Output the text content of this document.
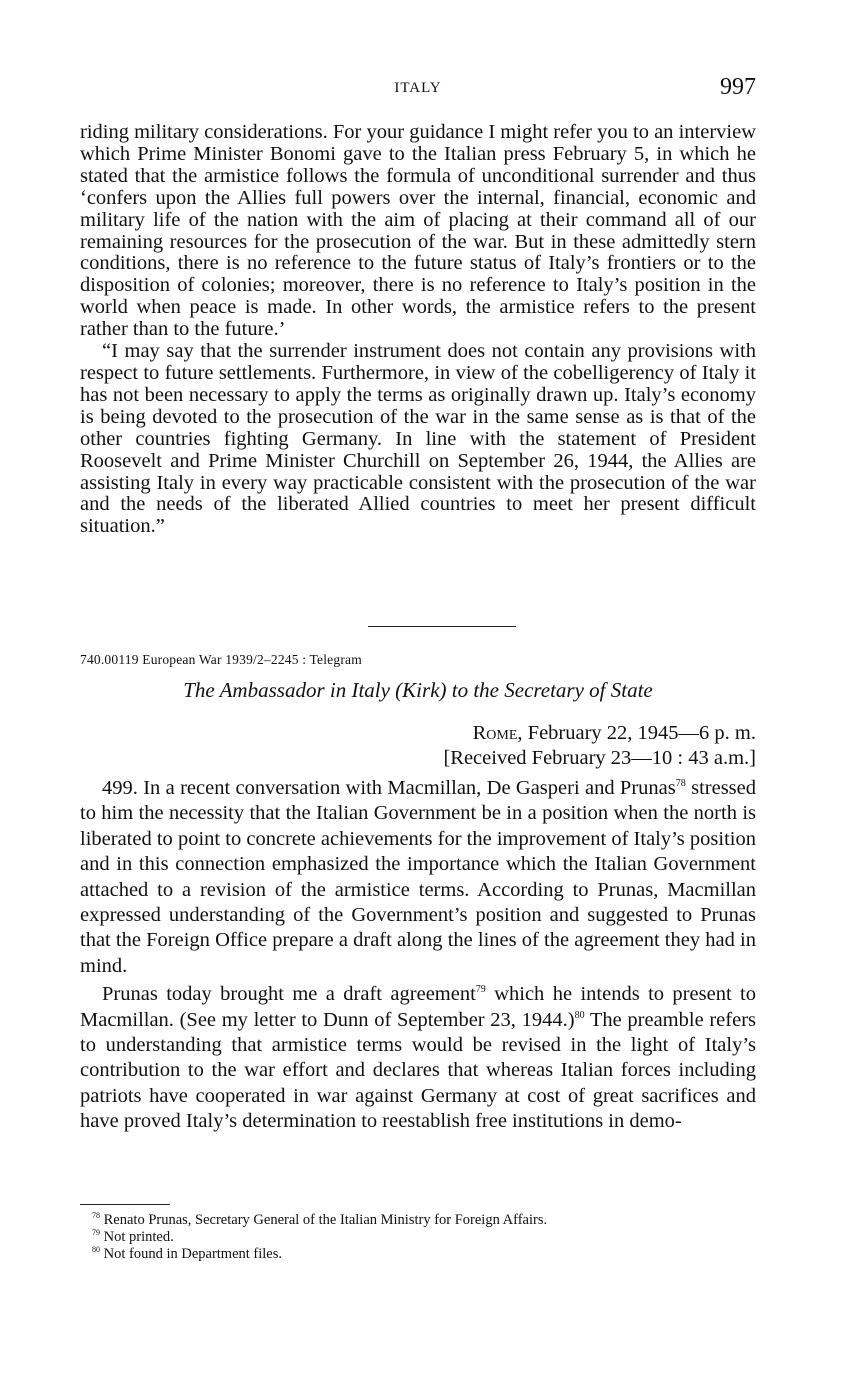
ITALY	997

riding military considerations. For your guidance I might refer you to an interview which Prime Minister Bonomi gave to the Italian press February 5, in which he stated that the armistice follows the formula of unconditional surrender and thus ‘confers upon the Allies full powers over the internal, financial, economic and military life of the nation with the aim of placing at their command all of our remaining resources for the prosecution of the war. But in these admittedly stern conditions, there is no reference to the future status of Italy’s frontiers or to the disposition of colonies; moreover, there is no reference to Italy’s position in the world when peace is made. In other words, the armistice refers to the present rather than to the future.’

“I may say that the surrender instrument does not contain any provisions with respect to future settlements. Furthermore, in view of the cobelligerency of Italy it has not been necessary to apply the terms as originally drawn up. Italy’s economy is being devoted to the prosecution of the war in the same sense as is that of the other countries fighting Germany. In line with the statement of President Roosevelt and Prime Minister Churchill on September 26, 1944, the Allies are assisting Italy in every way practicable consistent with the prosecution of the war and the needs of the liberated Allied countries to meet her present difficult situation.”

740.00119 European War 1939/2–2245 : Telegram
The Ambassador in Italy (Kirk) to the Secretary of State
Rome, February 22, 1945—6 p. m.
[Received February 23—10 : 43 a.m.]

499. In a recent conversation with Macmillan, De Gasperi and Prunas$^{78}$ stressed to him the necessity that the Italian Government be in a position when the north is liberated to point to concrete achievements for the improvement of Italy’s position and in this connection emphasized the importance which the Italian Government attached to a revision of the armistice terms. According to Prunas, Macmillan expressed understanding of the Government’s position and suggested to Prunas that the Foreign Office prepare a draft along the lines of the agreement they had in mind.

Prunas today brought me a draft agreement$^{79}$ which he intends to present to Macmillan. (See my letter to Dunn of September 23, 1944.)$^{80}$ The preamble refers to understanding that armistice terms would be revised in the light of Italy’s contribution to the war effort and declares that whereas Italian forces including patriots have cooperated in war against Germany at cost of great sacrifices and have proved Italy’s determination to reestablish free institutions in demo-

$^{78}$ Renato Prunas, Secretary General of the Italian Ministry for Foreign Affairs.
$^{79}$ Not printed.
$^{80}$ Not found in Department files.
